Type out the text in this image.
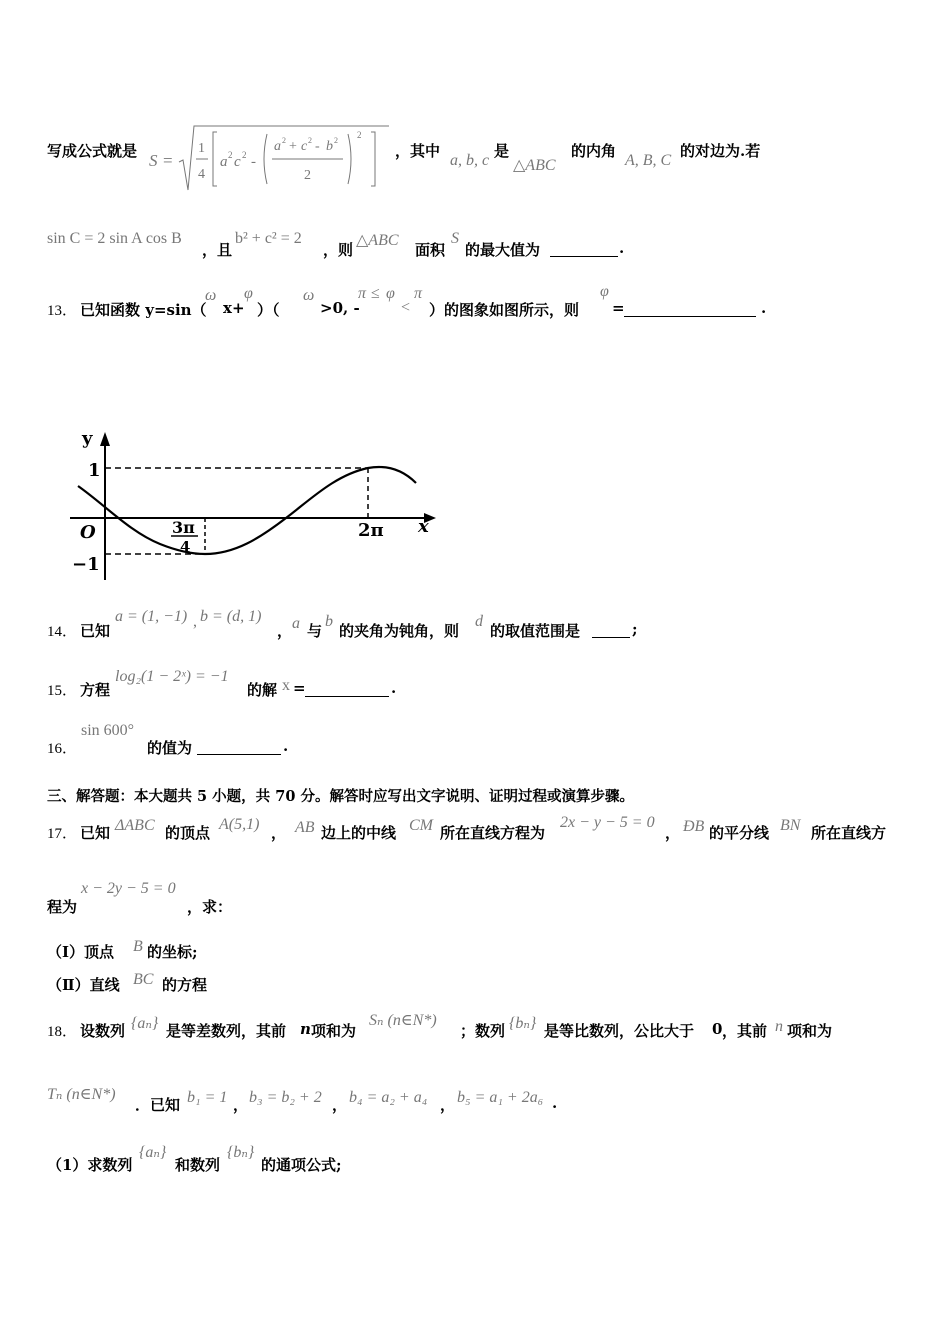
写成公式就是 S =
1
4
a 2 c 2 -
a 2 + c 2 - b 2
2
2
，其中
a, b, c
是
△ABC
的内角
A, B, C
的对边为.若
sin C = 2 sin A cos B
，且
b² + c² = 2
，则
△ABC
面积
S
的最大值为	.
13． 已知函数 y=sin（
ω
x+
φ
）（
ω
>0, -
π ≤ φ
<
π
）的图象如图所示，则
φ
=	.
y
x
O
1
−1
3π
4
2π
14． 已知
a = (1, −1) , b = (d, 1)
， a 与
b
的夹角为钝角，则
d
的取值范围是	;
15． 方程
log₂(1 − 2ˣ) = −1
的解 x =	.
16．
sin 600°
的值为	.
三、解答题：本大题共 5 小题，共 70 分。解答时应写出文字说明、证明过程或演算步骤。
17． 已知 ΔABC 的顶点 A(5,1) ， AB 边上的中线 CM 所在直线方程为
2x − y − 5 = 0
， ÐB 的平分线 BN 所在直线方
程为
x − 2y − 5 = 0
，求：
（Ⅰ）顶点 B 的坐标;
（Ⅱ）直线 BC 的方程
18． 设数列 {aₙ} 是等差数列，其前 n 项和为
Sₙ (n∈N*)
；数列 {bₙ} 是等比数列，公比大于 0 ，其前 n 项和为
Tₙ (n∈N*)
．已知 b₁ = 1 ， b₃ = b₂ + 2 ， b₄ = a₂ + a₄ ， b₅ = a₁ + 2a₆ .
（1）求数列
{aₙ}
和数列
{bₙ}
的通项公式;
